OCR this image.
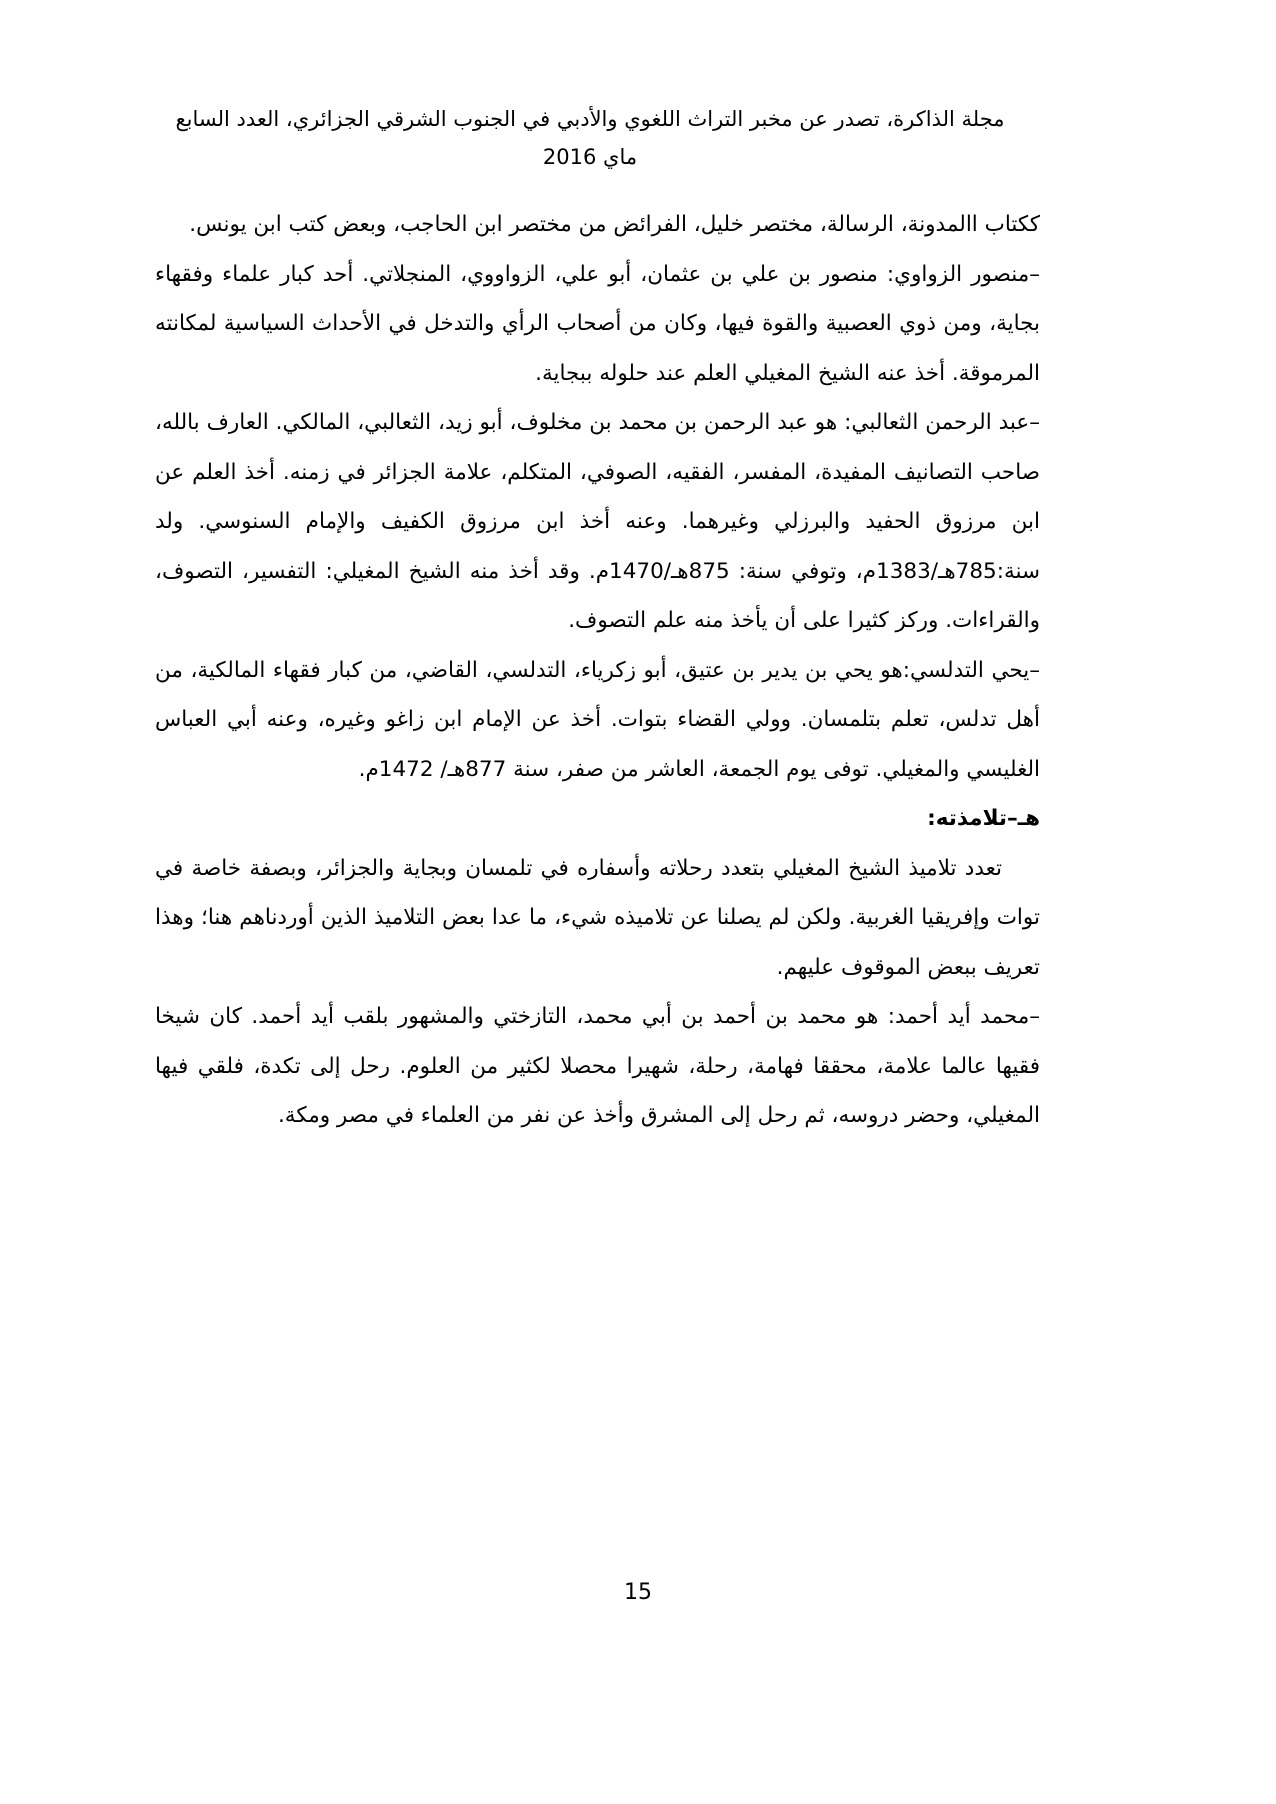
مجلة الذاكرة، تصدر عن مخبر التراث اللغوي والأدبي في الجنوب الشرقي الجزائري، العدد السابع
ماي 2016

ككتاب االمدونة، الرسالة، مختصر خليل، الفرائض من مختصر ابن الحاجب، وبعض كتب ابن يونس.

–منصور الزواوي: منصور بن علي بن عثمان، أبو علي، الزواووي، المنجلاتي. أحد كبار علماء وفقهاء بجاية، ومن ذوي العصبية والقوة فيها، وكان من أصحاب الرأي والتدخل في الأحداث السياسية لمكانته المرموقة. أخذ عنه الشيخ المغيلي العلم عند حلوله ببجاية.

–عبد الرحمن الثعالبي: هو عبد الرحمن بن محمد بن مخلوف، أبو زيد، الثعالبي، المالكي. العارف بالله، صاحب التصانيف المفيدة، المفسر، الفقيه، الصوفي، المتكلم، علامة الجزائر في زمنه. أخذ العلم عن ابن مرزوق الحفيد والبرزلي وغيرهما. وعنه أخذ ابن مرزوق الكفيف والإمام السنوسي. ولد سنة:785هـ/1383م، وتوفي سنة: 875هـ/1470م. وقد أخذ منه الشيخ المغيلي: التفسير، التصوف، والقراءات. وركز كثيرا على أن يأخذ منه علم التصوف.

–يحي التدلسي:هو يحي بن يدير بن عتيق، أبو زكرياء، التدلسي، القاضي، من كبار فقهاء المالكية، من أهل تدلس، تعلم بتلمسان. وولي القضاء بتوات. أخذ عن الإمام ابن زاغو وغيره، وعنه أبي العباس الغليسي والمغيلي. توفى يوم الجمعة، العاشر من صفر، سنة 877هـ/ 1472م.

هـ–تلامذته:

تعدد تلاميذ الشيخ المغيلي بتعدد رحلاته وأسفاره في تلمسان وبجاية والجزائر، وبصفة خاصة في توات وإفريقيا الغربية. ولكن لم يصلنا عن تلاميذه شيء، ما عدا بعض التلاميذ الذين أوردناهم هنا؛ وهذا تعريف ببعض الموقوف عليهم.

–محمد أيد أحمد: هو محمد بن أحمد بن أبي محمد، التازختي والمشهور بلقب أيد أحمد. كان شيخا فقيها عالما علامة، محققا فهامة، رحلة، شهيرا محصلا لكثير من العلوم. رحل إلى تكدة، فلقي فيها المغيلي، وحضر دروسه، ثم رحل إلى المشرق وأخذ عن نفر من العلماء في مصر ومكة.

15
